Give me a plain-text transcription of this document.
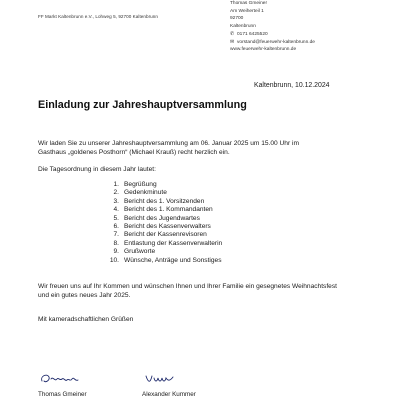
FF Markt Kaltenbrunn e.V., Lohweg 5, 92700 Kaltenbrunn
Thomas Gmeiner
Am Weiherteil 1
92700
Kaltenbrunn
✆ 0171 6425520
✉ vorstand@feuerwehr-kaltenbrunn.de
www.feuerwehr-kaltenbrunn.de
Kaltenbrunn, 10.12.2024
Einladung zur Jahreshauptversammlung
Wir laden Sie zu unserer Jahreshauptversammlung am 06. Januar 2025 um 15.00 Uhr im
Gasthaus „goldenes Posthorn“ (Michael Krauß) recht herzlich ein.
Die Tagesordnung in diesem Jahr lautet:
1. Begrüßung
2. Gedenkminute
3. Bericht des 1. Vorsitzenden
4. Bericht des 1. Kommandanten
5. Bericht des Jugendwartes
6. Bericht des Kassenverwalters
7. Bericht der Kassenrevisoren
8. Entlastung der Kassenverwalterin
9. Grußworte
10. Wünsche, Anträge und Sonstiges
Wir freuen uns auf Ihr Kommen und wünschen Ihnen und Ihrer Familie ein gesegnetes Weihnachtsfest
und ein gutes neues Jahr 2025.
Mit kameradschaftlichen Grüßen
Thomas Gmeiner	Alexander Kummer
